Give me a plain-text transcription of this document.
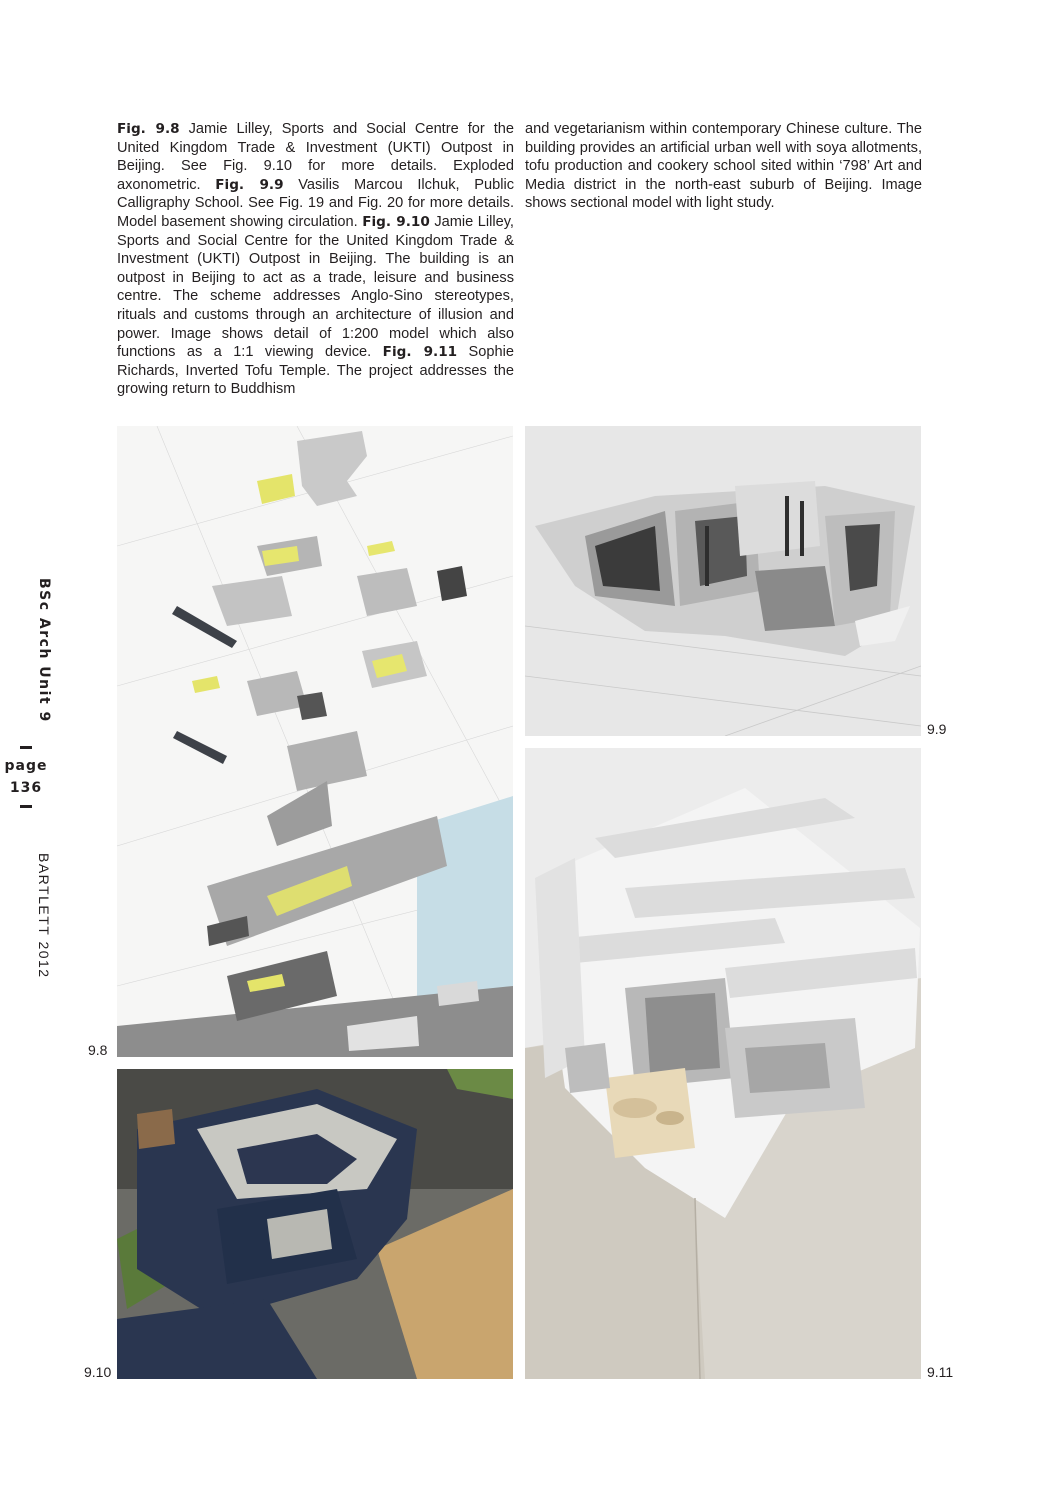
Fig. 9.8 Jamie Lilley, Sports and Social Centre for the United Kingdom Trade & Investment (UKTI) Outpost in Beijing. See Fig. 9.10 for more details. Exploded axonometric. Fig. 9.9 Vasilis Marcou Ilchuk, Public Calligraphy School. See Fig. 19 and Fig. 20 for more details. Model basement showing circulation. Fig. 9.10 Jamie Lilley, Sports and Social Centre for the United Kingdom Trade & Investment (UKTI) Outpost in Beijing. The building is an outpost in Beijing to act as a trade, leisure and business centre. The scheme addresses Anglo-Sino stereotypes, rituals and customs through an architecture of illusion and power. Image shows detail of 1:200 model which also functions as a 1:1 viewing device. Fig. 9.11 Sophie Richards, Inverted Tofu Temple. The project addresses the growing return to Buddhism
and vegetarianism within contemporary Chinese culture. The building provides an artificial urban well with soya allotments, tofu production and cookery school sited within ‘798’ Art and Media district in the north-east suburb of Beijing. Image shows sectional model with light study.
9.8
9.9
9.10	9.11
BSc Arch Unit 9
BARTLETT 2012
page
136
